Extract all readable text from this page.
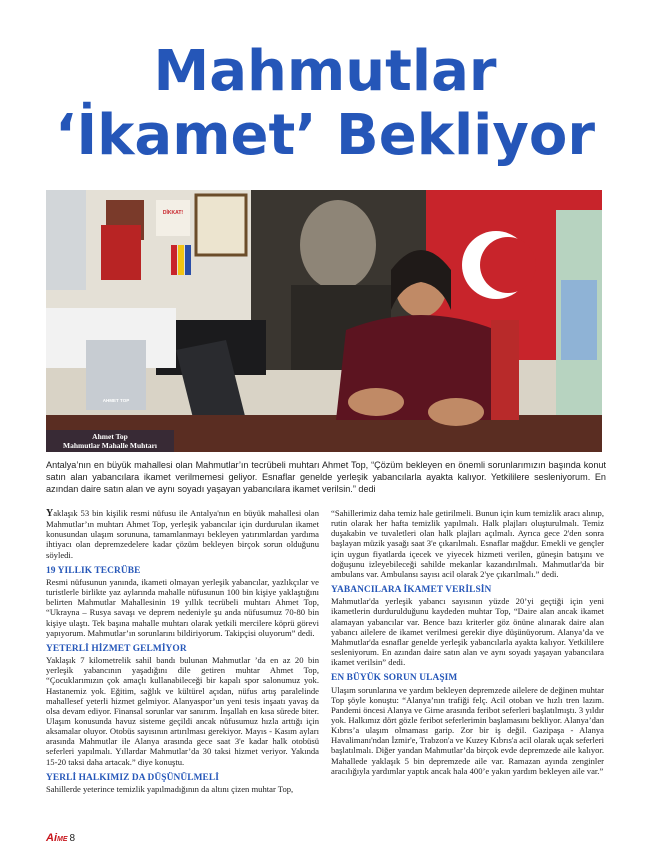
Mahmutlar
‘İkamet’ Bekliyor
DİKKAT!
AHMET TOP
Ahmet Top
Mahmutlar Mahalle Muhtarı
Antalya’nın en büyük mahallesi olan Mahmutlar’ın tecrübeli muhtarı Ahmet Top, “Çözüm bekleyen en önemli sorunlarımızın başında konut satın alan yabancılara ikamet verilmemesi geliyor. Esnaflar genelde yerleşik yabancılarla ayakta kalıyor. Yetkililere sesleniyorum. En azından daire satın alan ve aynı soyadı yaşayan yabancılara ikamet verilsin.” dedi

Yaklaşık 53 bin kişilik resmi nüfusu ile Antalya'nın en büyük mahallesi olan Mahmutlar’ın muhtarı Ahmet Top, yerleşik yabancılar için durdurulan ikamet konusundan ulaşım sorununa, tamamlanmayı bekleyen yatırımlardan yardıma ihtiyacı olan depremzedelere kadar çözüm bekleyen birçok sorun olduğunu söyledi.

19 YILLIK TECRÜBE

Resmi nüfusunun yanında, ikameti olmayan yerleşik yabancılar, yazlıkçılar ve turistlerle birlikte yaz aylarında mahalle nüfusunun 100 bin kişiye yaklaştığını belirten Mahmutlar Mahallesinin 19 yıllık tecrübeli muhtarı Ahmet Top, “Ukrayna – Rusya savaşı ve deprem nedeniyle şu anda nüfusumuz 70-80 bin kişiye ulaştı. Tek başına mahalle muhtarı olarak yetkili mercilere köprü görevi yapıyorum. Mahmutlar’ın sorunlarını bildiriyorum. Takipçisi oluyorum” dedi.

YETERLİ HİZMET GELMİYOR

Yaklaşık 7 kilometrelik sahil bandı bulunan Mahmutlar ’da en az 20 bin yerleşik yabancının yaşadığını dile getiren muhtar Ahmet Top, “Çocuklarımızın çok amaçlı kullanabileceği bir kapalı spor salonumuz yok. Hastanemiz yok. Eğitim, sağlık ve kültürel açıdan, nüfus artış paralelinde mahallesef yeterli hizmet gelmiyor. Alanyaspor’un yeni tesis inşaatı yavaş da olsa devam ediyor. Finansal sorunlar var sanırım. İnşallah en kısa sürede biter. Ulaşım konusunda havuz sisteme geçildi ancak nüfusumuz hızla arttığı için aksamalar oluyor. Otobüs sayısının artırılması gerekiyor. Mayıs - Kasım ayları arasında Mahmutlar ile Alanya arasında gece saat 3'e kadar halk otobüsü seferleri yapılmalı. Yıllardar Mahmutlar’da 30 taksi hizmet veriyor. Yakında 15-20 taksi daha artacak.” diye konuştu.

YERLİ HALKIMIZ DA DÜŞÜNÜLMELİ

Sahillerde yeterince temizlik yapılmadığının da altını çizen muhtar Top,

“Sahillerimiz daha temiz hale getirilmeli. Bunun için kum temizlik aracı alınıp, rutin olarak her hafta temizlik yapılmalı. Halk plajları oluşturulmalı. Temiz duşakabin ve tuvaletleri olan halk plajları açılmalı. Ayrıca gece 2'den sonra başlayan müzik yasağı saat 3'e çıkarılmalı. Esnaflar mağdur. Emekli ve gençler için uygun fiyatlarda içecek ve yiyecek hizmeti verilen, güneşin batışını ve doğuşunu izleyebileceği sahilde mekanlar kazandırılmalı. Mahmutlar'da bir ambulans var. Ambulansı sayısı acil olarak 2'ye çıkarılmalı.” dedi.

YABANCILARA İKAMET VERİLSİN

Mahmutlar'da yerleşik yabancı sayısının yüzde 20’yi geçtiği için yeni ikametlerin durdurulduğunu kaydeden muhtar Top, “Daire alan ancak ikamet alamayan yabancılar var. Bence bazı kriterler göz önüne alınarak daire alan yabancı ailelere de ikamet verilmesi gerekir diye düşünüyorum. Alanya’da ve Mahmutlar'da esnaflar genelde yerleşik yabancılarla ayakta kalıyor. Yetkililere sesleniyorum. En azından daire satın alan ve aynı soyadı yaşayan yabancılara ikamet verilsin” dedi.

EN BÜYÜK SORUN ULAŞIM

Ulaşım sorunlarına ve yardım bekleyen depremzede ailelere de değinen muhtar Top şöyle konuştu: “Alanya’nın trafiği felç. Acil otoban ve hızlı tren lazım. Pandemi öncesi Alanya ve Girne arasında feribot seferleri başlatılmıştı. 3 yıldır yok. Halkımız dört gözle feribot seferlerimin başlamasını bekliyor. Alanya’dan Kıbrıs’a ulaşım olmaması garip. Zor bir iş değil. Gazipaşa - Alanya Havalimanı'ndan İzmir'e, Trabzon'a ve Kuzey Kıbrıs'a acil olarak uçak seferleri başlatılmalı. Diğer yandan Mahmutlar’da birçok evde depremzede aile kalıyor. Mahallede yaklaşık 5 bin depremzede aile var. Ramazan ayında zenginler aracılığıyla yardımlar yaptık ancak hala 400’e yakın yardım bekleyen aile var.”

AiME 8
